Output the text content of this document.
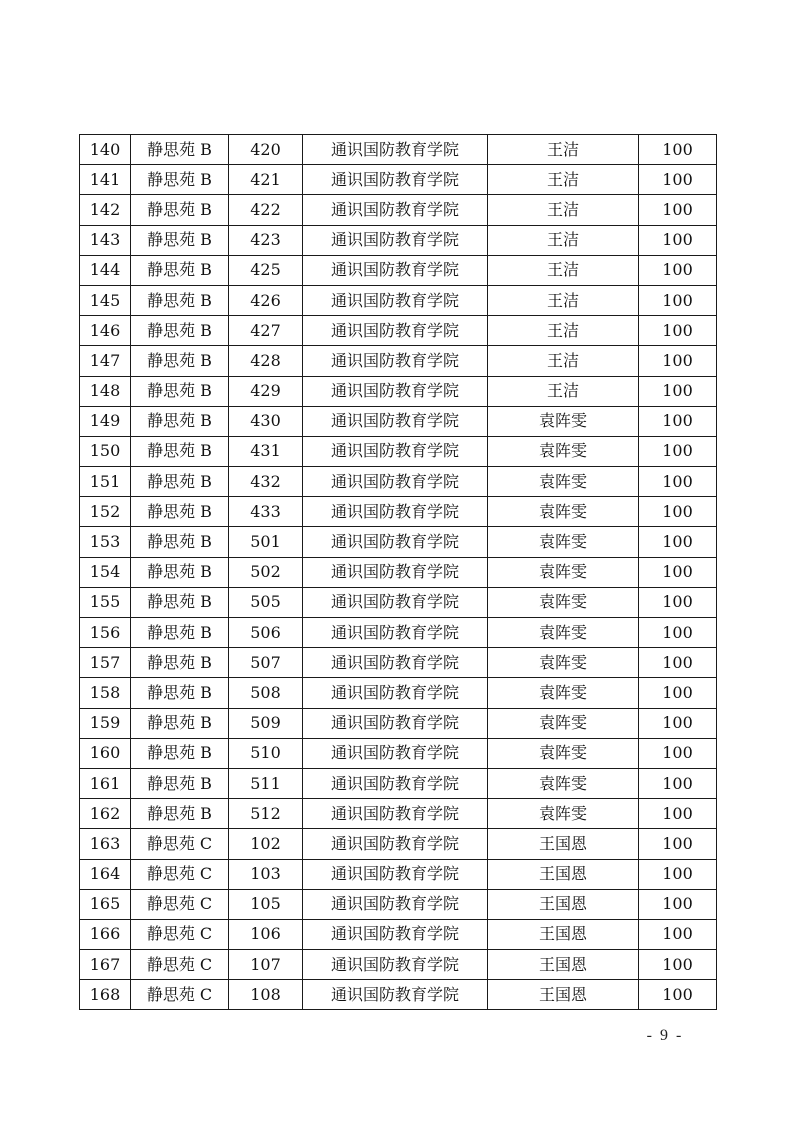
140	静思苑 B	420	通识国防教育学院	王洁	100
141	静思苑 B	421	通识国防教育学院	王洁	100
142	静思苑 B	422	通识国防教育学院	王洁	100
143	静思苑 B	423	通识国防教育学院	王洁	100
144	静思苑 B	425	通识国防教育学院	王洁	100
145	静思苑 B	426	通识国防教育学院	王洁	100
146	静思苑 B	427	通识国防教育学院	王洁	100
147	静思苑 B	428	通识国防教育学院	王洁	100
148	静思苑 B	429	通识国防教育学院	王洁	100
149	静思苑 B	430	通识国防教育学院	袁阵雯	100
150	静思苑 B	431	通识国防教育学院	袁阵雯	100
151	静思苑 B	432	通识国防教育学院	袁阵雯	100
152	静思苑 B	433	通识国防教育学院	袁阵雯	100
153	静思苑 B	501	通识国防教育学院	袁阵雯	100
154	静思苑 B	502	通识国防教育学院	袁阵雯	100
155	静思苑 B	505	通识国防教育学院	袁阵雯	100
156	静思苑 B	506	通识国防教育学院	袁阵雯	100
157	静思苑 B	507	通识国防教育学院	袁阵雯	100
158	静思苑 B	508	通识国防教育学院	袁阵雯	100
159	静思苑 B	509	通识国防教育学院	袁阵雯	100
160	静思苑 B	510	通识国防教育学院	袁阵雯	100
161	静思苑 B	511	通识国防教育学院	袁阵雯	100
162	静思苑 B	512	通识国防教育学院	袁阵雯	100
163	静思苑 C	102	通识国防教育学院	王国恩	100
164	静思苑 C	103	通识国防教育学院	王国恩	100
165	静思苑 C	105	通识国防教育学院	王国恩	100
166	静思苑 C	106	通识国防教育学院	王国恩	100
167	静思苑 C	107	通识国防教育学院	王国恩	100
168	静思苑 C	108	通识国防教育学院	王国恩	100
- 9 -
